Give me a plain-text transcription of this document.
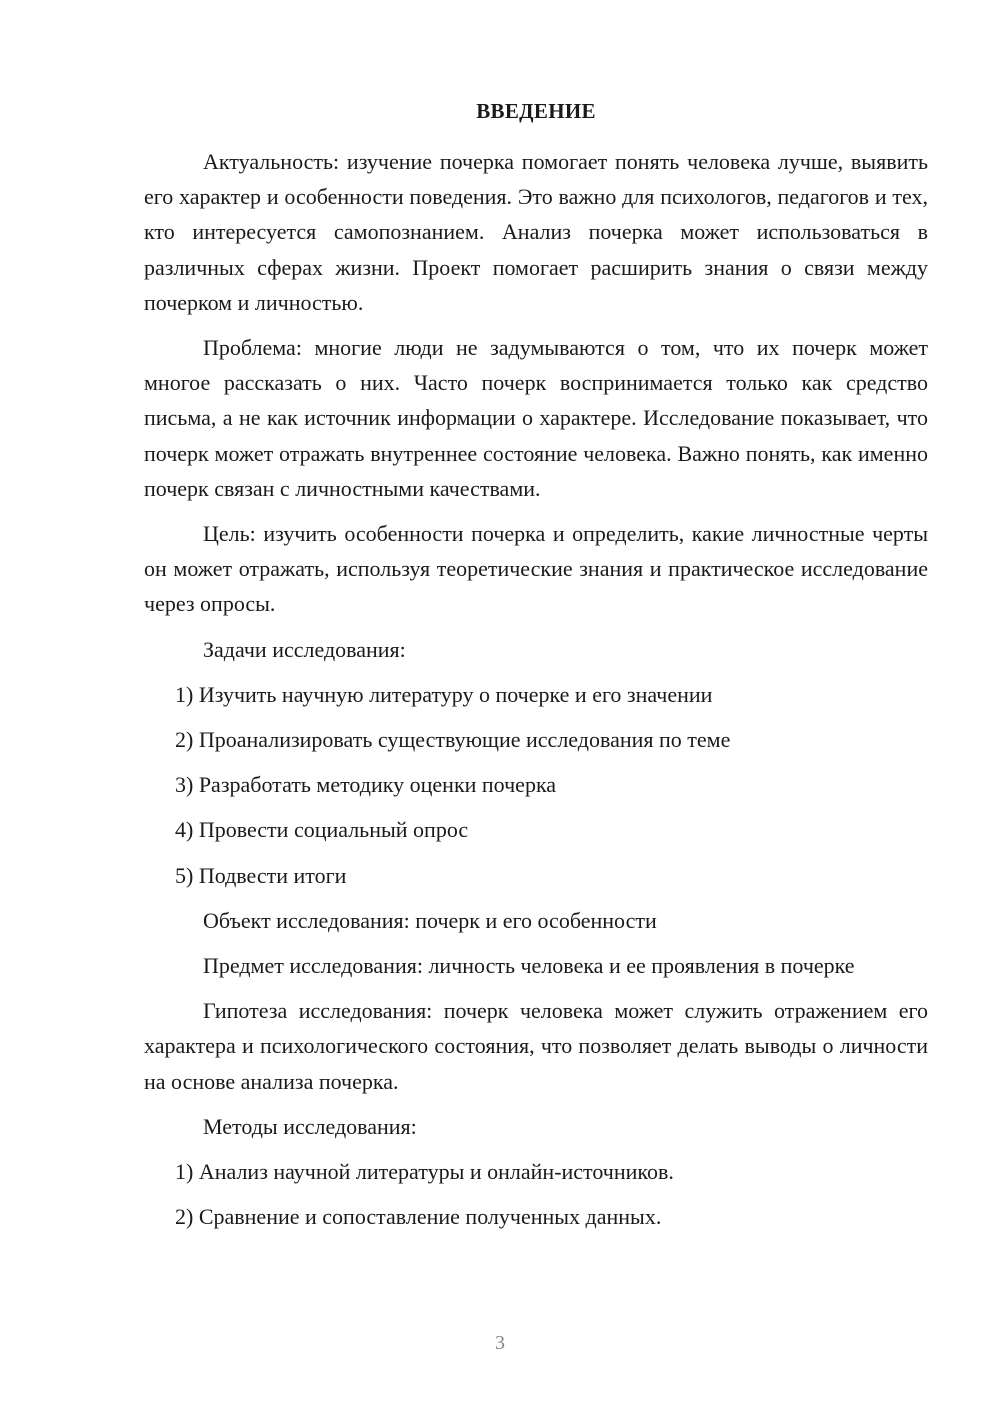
ВВЕДЕНИЕ

Актуальность: изучение почерка помогает понять человека лучше, выявить его характер и особенности поведения. Это важно для психологов, педагогов и тех, кто интересуется самопознанием. Анализ почерка может использоваться в различных сферах жизни. Проект помогает расширить знания о связи между почерком и личностью.

Проблема: многие люди не задумываются о том, что их почерк может многое рассказать о них. Часто почерк воспринимается только как средство письма, а не как источник информации о характере. Исследование показывает, что почерк может отражать внутреннее состояние человека. Важно понять, как именно почерк связан с личностными качествами.

Цель: изучить особенности почерка и определить, какие личностные черты он может отражать, используя теоретические знания и практическое исследование через опросы.

Задачи исследования:

1) Изучить научную литературу о почерке и его значении

2) Проанализировать существующие исследования по теме

3) Разработать методику оценки почерка

4) Провести социальный опрос

5) Подвести итоги

Объект исследования: почерк и его особенности

Предмет исследования: личность человека и ее проявления в почерке

Гипотеза исследования: почерк человека может служить отражением его характера и психологического состояния, что позволяет делать выводы о личности на основе анализа почерка.

Методы исследования:

1) Анализ научной литературы и онлайн-источников.

2) Сравнение и сопоставление полученных данных.

3
